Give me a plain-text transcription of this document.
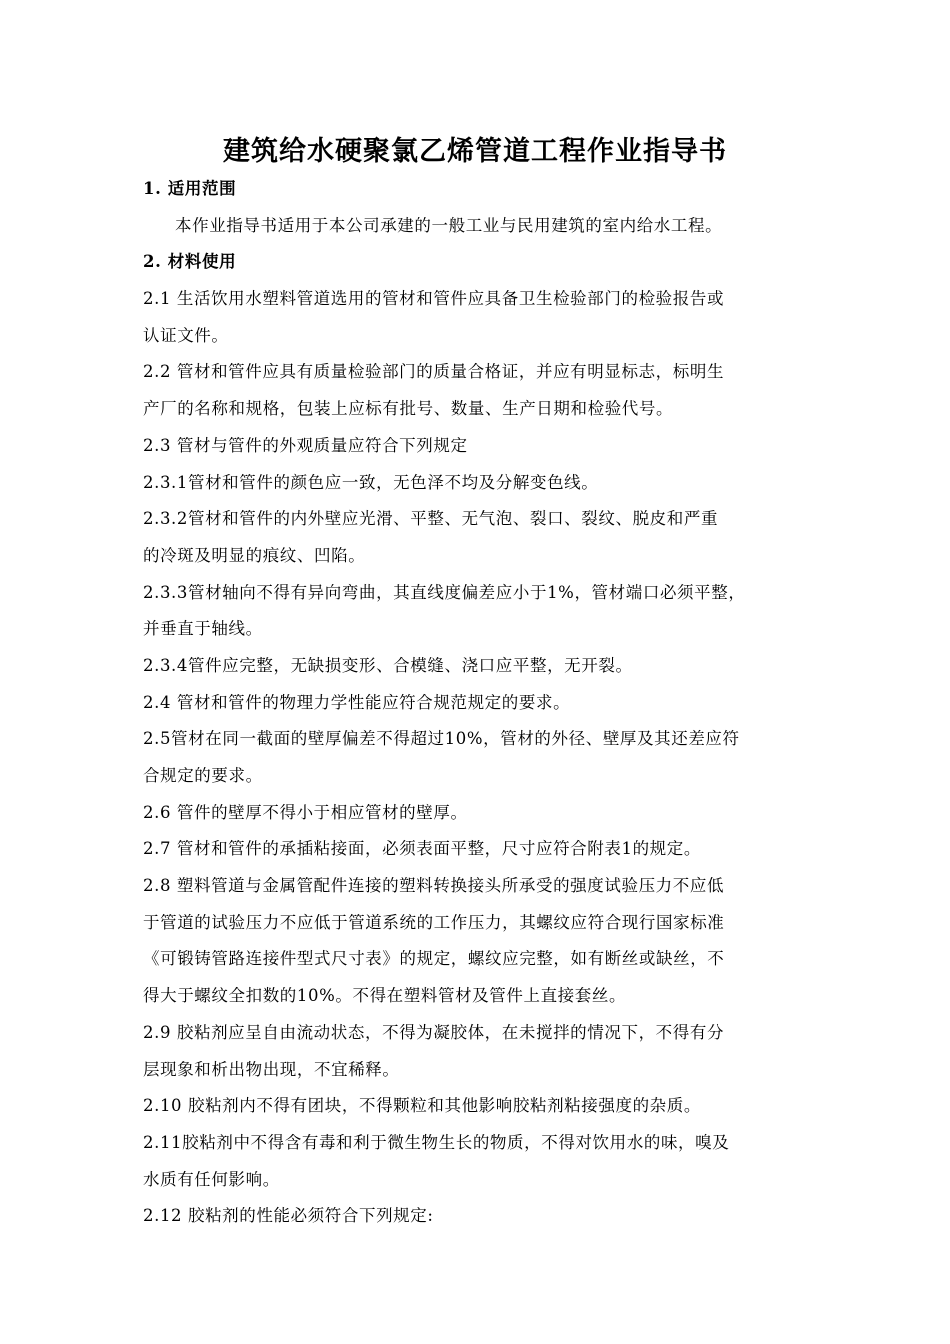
建筑给水硬聚氯乙烯管道工程作业指导书
1. 适用范围
本作业指导书适用于本公司承建的一般工业与民用建筑的室内给水工程。
2. 材料使用
2.1 生活饮用水塑料管道选用的管材和管件应具备卫生检验部门的检验报告或
认证文件。
2.2 管材和管件应具有质量检验部门的质量合格证，并应有明显标志，标明生
产厂的名称和规格，包装上应标有批号、数量、生产日期和检验代号。
2.3 管材与管件的外观质量应符合下列规定
2.3.1管材和管件的颜色应一致，无色泽不均及分解变色线。
2.3.2管材和管件的内外壁应光滑、平整、无气泡、裂口、裂纹、脱皮和严重
的冷斑及明显的痕纹、凹陷。
2.3.3管材轴向不得有异向弯曲，其直线度偏差应小于1%，管材端口必须平整，
并垂直于轴线。
2.3.4管件应完整，无缺损变形、合模缝、浇口应平整，无开裂。
2.4 管材和管件的物理力学性能应符合规范规定的要求。
2.5管材在同一截面的壁厚偏差不得超过10%，管材的外径、壁厚及其还差应符
合规定的要求。
2.6 管件的壁厚不得小于相应管材的壁厚。
2.7 管材和管件的承插粘接面，必须表面平整，尺寸应符合附表1的规定。
2.8 塑料管道与金属管配件连接的塑料转换接头所承受的强度试验压力不应低
于管道的试验压力不应低于管道系统的工作压力，其螺纹应符合现行国家标准
《可锻铸管路连接件型式尺寸表》的规定，螺纹应完整，如有断丝或缺丝，不
得大于螺纹全扣数的10%。不得在塑料管材及管件上直接套丝。
2.9 胶粘剂应呈自由流动状态，不得为凝胶体，在未搅拌的情况下，不得有分
层现象和析出物出现，不宜稀释。
2.10 胶粘剂内不得有团块，不得颗粒和其他影响胶粘剂粘接强度的杂质。
2.11胶粘剂中不得含有毒和利于微生物生长的物质，不得对饮用水的味，嗅及
水质有任何影响。
2.12 胶粘剂的性能必须符合下列规定:
